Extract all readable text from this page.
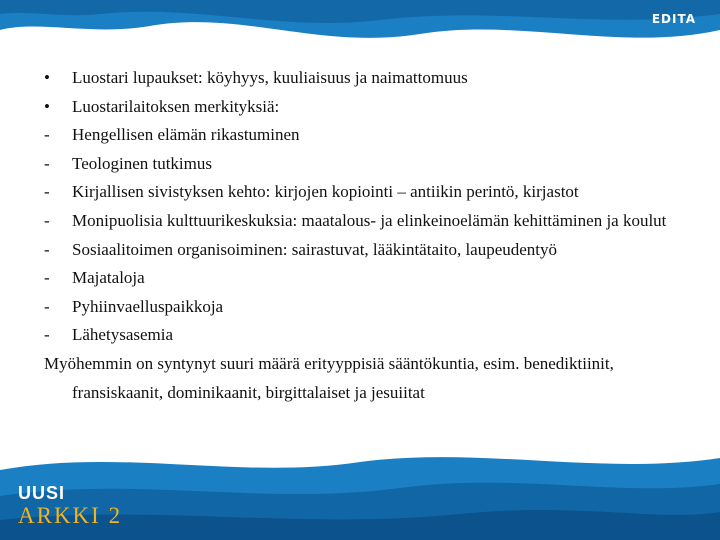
EDITA
•	Luostari lupaukset: köyhyys, kuuliaisuus ja naimattomuus
•	Luostarilaitoksen merkityksiä:
-	Hengellisen elämän rikastuminen
-	Teologinen tutkimus
-	Kirjallisen sivistyksen kehto: kirjojen kopiointi – antiikin perintö, kirjastot
-	Monipuolisia kulttuurikeskuksia: maatalous- ja elinkeinoelämän kehittäminen ja koulut
-	Sosiaalitoimen organisoiminen: sairastuvat, lääkintätaito, laupeudentyö
-	Majataloja
-	Pyhiinvaelluspaikkoja
-	Lähetysasemia

Myöhemmin on syntynyt suuri määrä erityyppisiä sääntökuntia, esim. benediktiinit, fransiskaanit, dominikaanit, birgittalaiset ja jesuiitat

UUSI
ARKKI 2
